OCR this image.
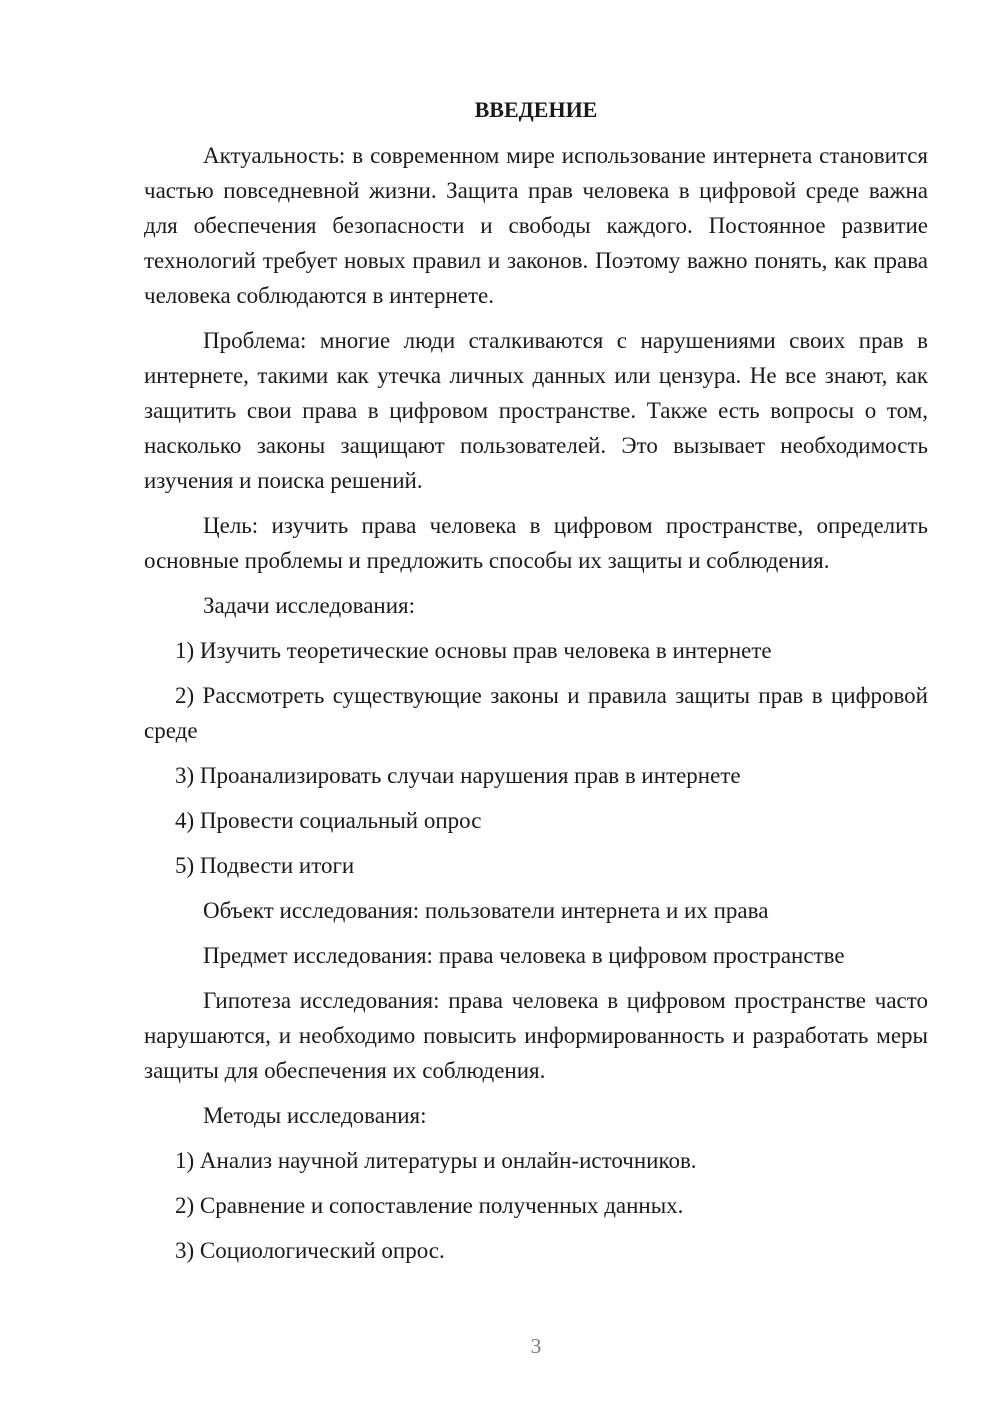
ВВЕДЕНИЕ

Актуальность: в современном мире использование интернета становится частью повседневной жизни. Защита прав человека в цифровой среде важна для обеспечения безопасности и свободы каждого. Постоянное развитие технологий требует новых правил и законов. Поэтому важно понять, как права человека соблюдаются в интернете.

Проблема: многие люди сталкиваются с нарушениями своих прав в интернете, такими как утечка личных данных или цензура. Не все знают, как защитить свои права в цифровом пространстве. Также есть вопросы о том, насколько законы защищают пользователей. Это вызывает необходимость изучения и поиска решений.

Цель: изучить права человека в цифровом пространстве, определить основные проблемы и предложить способы их защиты и соблюдения.

Задачи исследования:

1) Изучить теоретические основы прав человека в интернете

2) Рассмотреть существующие законы и правила защиты прав в цифровой среде

3) Проанализировать случаи нарушения прав в интернете

4) Провести социальный опрос

5) Подвести итоги

Объект исследования: пользователи интернета и их права

Предмет исследования: права человека в цифровом пространстве

Гипотеза исследования: права человека в цифровом пространстве часто нарушаются, и необходимо повысить информированность и разработать меры защиты для обеспечения их соблюдения.

Методы исследования:

1) Анализ научной литературы и онлайн-источников.

2) Сравнение и сопоставление полученных данных.

3) Социологический опрос.

3
